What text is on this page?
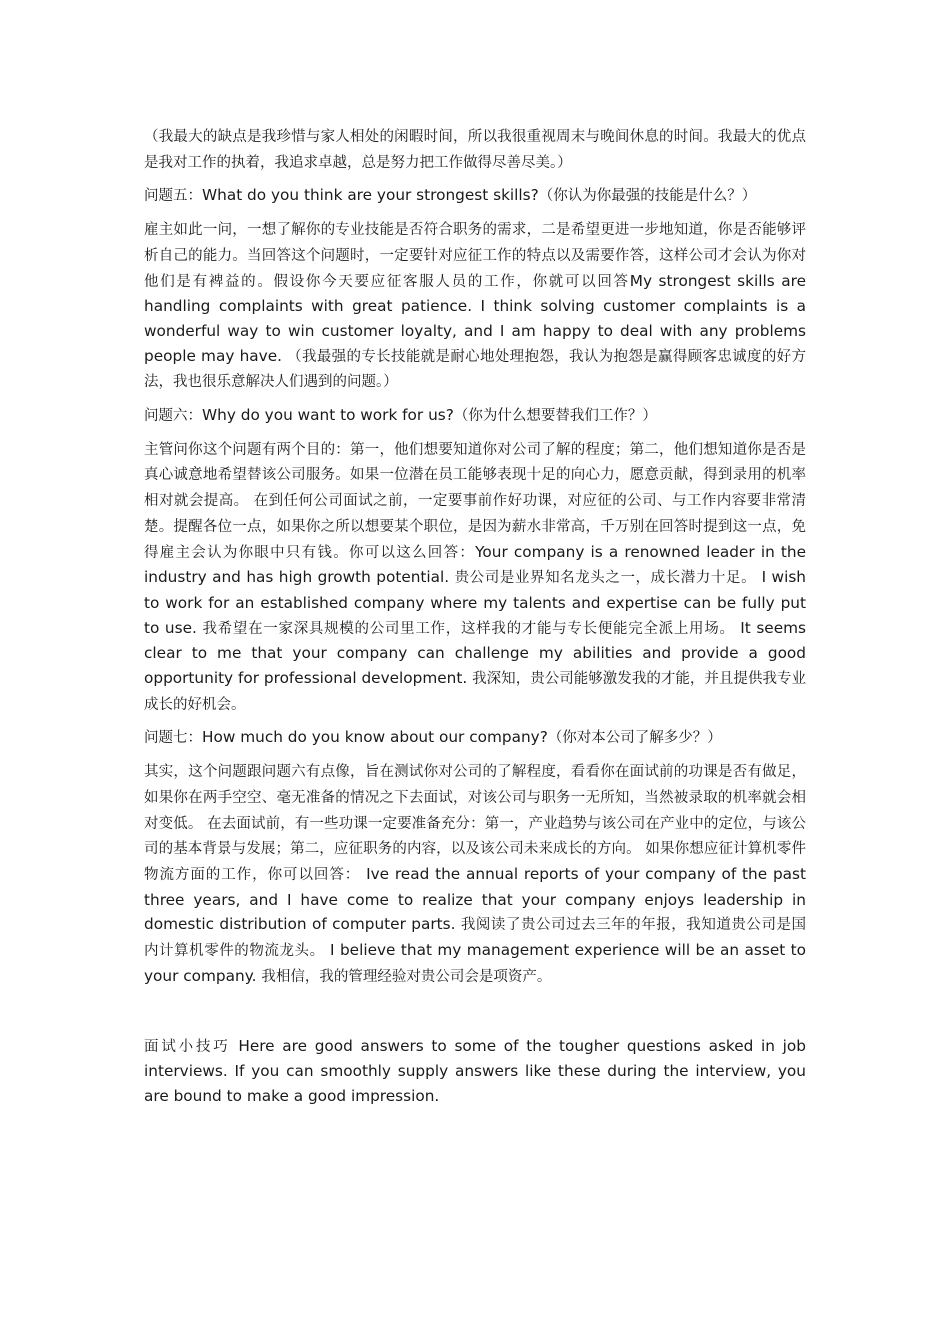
（我最大的缺点是我珍惜与家人相处的闲暇时间，所以我很重视周末与晚间休息的时间。我最大的优点是我对工作的执着，我追求卓越，总是努力把工作做得尽善尽美。）

问题五：What do you think are your strongest skills?（你认为你最强的技能是什么？）

雇主如此一问，一想了解你的专业技能是否符合职务的需求，二是希望更进一步地知道，你是否能够评析自己的能力。当回答这个问题时，一定要针对应征工作的特点以及需要作答，这样公司才会认为你对他们是有裨益的。假设你今天要应征客服人员的工作，你就可以回答My strongest skills are handling complaints with great patience. I think solving customer complaints is a wonderful way to win customer loyalty, and I am happy to deal with any problems people may have. （我最强的专长技能就是耐心地处理抱怨，我认为抱怨是赢得顾客忠诚度的好方法，我也很乐意解决人们遇到的问题。）

问题六：Why do you want to work for us?（你为什么想要替我们工作？）

主管问你这个问题有两个目的：第一，他们想要知道你对公司了解的程度；第二，他们想知道你是否是真心诚意地希望替该公司服务。如果一位潜在员工能够表现十足的向心力，愿意贡献，得到录用的机率相对就会提高。 在到任何公司面试之前，一定要事前作好功课，对应征的公司、与工作内容要非常清楚。提醒各位一点，如果你之所以想要某个职位，是因为薪水非常高，千万别在回答时提到这一点，免得雇主会认为你眼中只有钱。你可以这么回答：Your company is a renowned leader in the industry and has high growth potential. 贵公司是业界知名龙头之一，成长潜力十足。 I wish to work for an established company where my talents and expertise can be fully put to use. 我希望在一家深具规模的公司里工作，这样我的才能与专长便能完全派上用场。 It seems clear to me that your company can challenge my abilities and provide a good opportunity for professional development. 我深知，贵公司能够激发我的才能，并且提供我专业成长的好机会。

问题七：How much do you know about our company?（你对本公司了解多少？）

其实，这个问题跟问题六有点像，旨在测试你对公司的了解程度，看看你在面试前的功课是否有做足，如果你在两手空空、毫无准备的情况之下去面试，对该公司与职务一无所知，当然被录取的机率就会相对变低。 在去面试前，有一些功课一定要准备充分：第一，产业趋势与该公司在产业中的定位，与该公司的基本背景与发展；第二，应征职务的内容，以及该公司未来成长的方向。 如果你想应征计算机零件物流方面的工作，你可以回答： Ive read the annual reports of your company of the past three years, and I have come to realize that your company enjoys leadership in domestic distribution of computer parts. 我阅读了贵公司过去三年的年报，我知道贵公司是国内计算机零件的物流龙头。 I believe that my management experience will be an asset to your company. 我相信，我的管理经验对贵公司会是项资产。

面试小技巧 Here are good answers to some of the tougher questions asked in job interviews. If you can smoothly supply answers like these during the interview, you are bound to make a good impression.
